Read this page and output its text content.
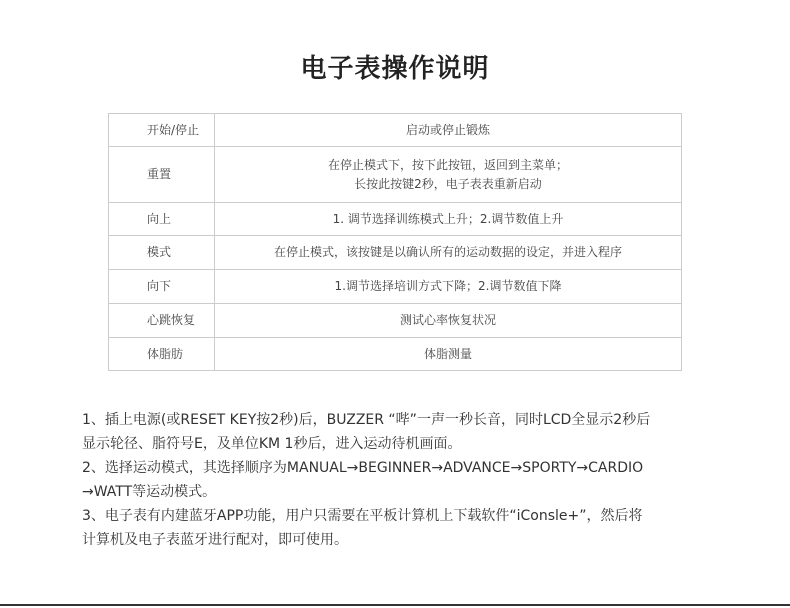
电子表操作说明
开始/停止	启动或停止锻炼

重置	在停止模式下，按下此按钮，返回到主菜单；
长按此按键2秒，电子表表重新启动

向上	1. 调节选择训练模式上升；2.调节数值上升

模式	在停止模式，该按键是以确认所有的运动数据的设定，并进入程序

向下	1.调节选择培训方式下降；2.调节数值下降

心跳恢复	测试心率恢复状况

体脂肪	体脂测量

1、插上电源(或RESET KEY按2秒)后，BUZZER “哔”一声一秒长音，同时LCD全显示2秒后
显示轮径、脂符号E，及单位KM 1秒后，进入运动待机画面。

2、选择运动模式，其选择顺序为MANUAL→BEGINNER→ADVANCE→SPORTY→CARDIO
→WATT等运动模式。

3、电子表有内建蓝牙APP功能，用户只需要在平板计算机上下载软件“iConsle+”，然后将
计算机及电子表蓝牙进行配对，即可使用。
